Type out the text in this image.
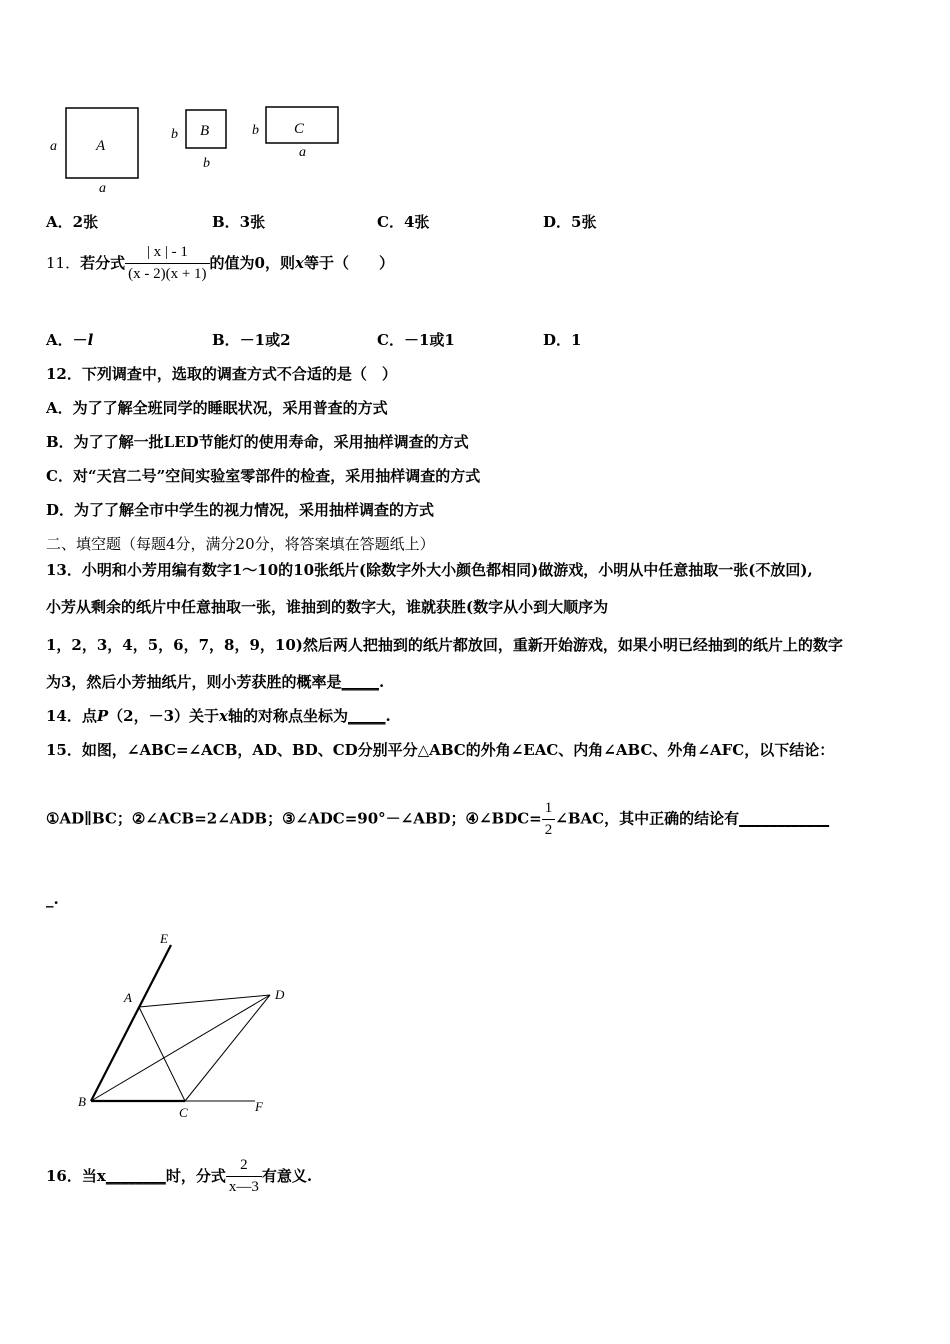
A
a
a
B
b
b
C
b
a
A．2张	B．3张	C．4张	D．5张
11．若分式 $\frac{| x | - 1}{(x - 2)(x + 1)}$ 的值为0，则x等于（　　）
A．－l	B．－1或2	C．－1或1	D．1
12．下列调查中，选取的调查方式不合适的是（　）
A．为了了解全班同学的睡眠状况，采用普查的方式
B．为了了解一批LED节能灯的使用寿命，采用抽样调查的方式
C．对“天宫二号”空间实验室零部件的检查，采用抽样调查的方式
D．为了了解全市中学生的视力情况，采用抽样调查的方式
二、填空题（每题4分，满分20分，将答案填在答题纸上）
13．小明和小芳用编有数字1～10的10张纸片(除数字外大小颜色都相同)做游戏，小明从中任意抽取一张(不放回),
小芳从剩余的纸片中任意抽取一张，谁抽到的数字大，谁就获胜(数字从小到大顺序为
1，2，3，4，5，6，7，8，9，10)然后两人把抽到的纸片都放回，重新开始游戏，如果小明已经抽到的纸片上的数字
为3，然后小芳抽纸片，则小芳获胜的概率是_____.
14．点P（2，－3）关于x轴的对称点坐标为_____.
15．如图，∠ABC=∠ACB，AD、BD、CD分别平分△ABC的外角∠EAC、内角∠ABC、外角∠AFC，以下结论：
①AD∥BC；②∠ACB=2∠ADB；③∠ADC=90°－∠ABD；④∠BDC= $\frac{1}{2}$ ∠BAC，其中正确的结论有____________
_.
E
A	D
B
C	F
16．当x________时，分式 $\frac{2}{x—3}$ 有意义.
